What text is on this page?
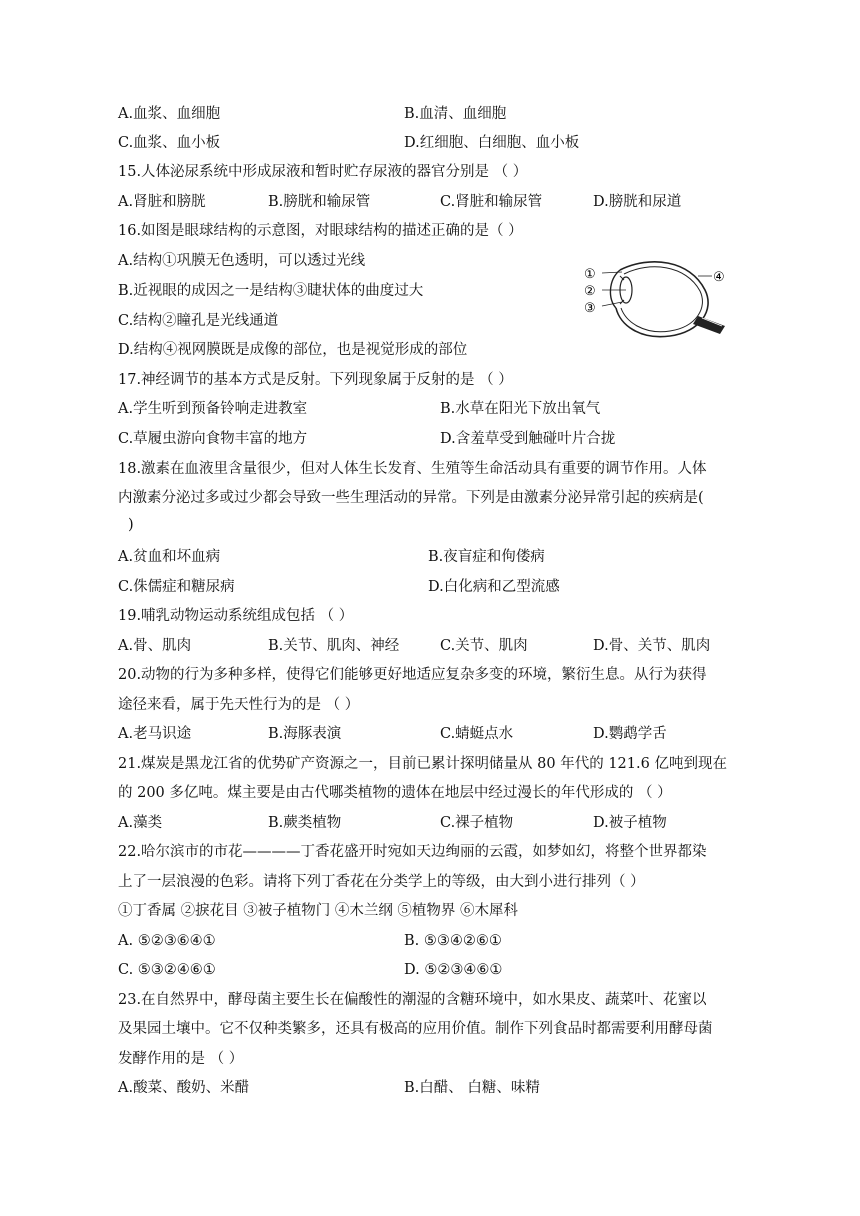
A.血浆、血细胞	B.血清、血细胞
C.血浆、血小板	D.红细胞、白细胞、血小板
15.人体泌尿系统中形成尿液和暂时贮存尿液的器官分别是 （ ）
A.肾脏和膀胱	B.膀胱和输尿管	C.肾脏和输尿管	D.膀胱和尿道
16.如图是眼球结构的示意图，对眼球结构的描述正确的是（ ）
A.结构①巩膜无色透明，可以透过光线
B.近视眼的成因之一是结构③睫状体的曲度过大
C.结构②瞳孔是光线通道
D.结构④视网膜既是成像的部位，也是视觉形成的部位
①
②
③
④
17.神经调节的基本方式是反射。下列现象属于反射的是 （ ）
A.学生听到预备铃响走进教室	B.水草在阳光下放出氧气
C.草履虫游向食物丰富的地方	D.含羞草受到触碰叶片合拢
18.激素在血液里含量很少，但对人体生长发育、生殖等生命活动具有重要的调节作用。人体
内激素分泌过多或过少都会导致一些生理活动的异常。下列是由激素分泌异常引起的疾病是(
)
A.贫血和坏血病	B.夜盲症和佝偻病
C.侏儒症和糖尿病	D.白化病和乙型流感
19.哺乳动物运动系统组成包括 （ ）
A.骨、肌肉	B.关节、肌肉、神经	C.关节、肌肉	D.骨、关节、肌肉
20.动物的行为多种多样，使得它们能够更好地适应复杂多变的环境，繁衍生息。从行为获得
途径来看，属于先天性行为的是 （ ）
A.老马识途	B.海豚表演	C.蜻蜓点水	D.鹦鹉学舌
21.煤炭是黑龙江省的优势矿产资源之一，目前已累计探明储量从 80 年代的 121.6 亿吨到现在
的 200 多亿吨。煤主要是由古代哪类植物的遗体在地层中经过漫长的年代形成的 （ ）
A.藻类	B.蕨类植物	C.裸子植物	D.被子植物
22.哈尔滨市的市花————丁香花盛开时宛如天边绚丽的云霞，如梦如幻，将整个世界都染
上了一层浪漫的色彩。请将下列丁香花在分类学上的等级，由大到小进行排列（ ）
①丁香属 ②捩花目 ③被子植物门 ④木兰纲 ⑤植物界 ⑥木犀科
A. ⑤②③⑥④①	B. ⑤③④②⑥①
C. ⑤③②④⑥①	D. ⑤②③④⑥①
23.在自然界中，酵母菌主要生长在偏酸性的潮湿的含糖环境中，如水果皮、蔬菜叶、花蜜以
及果园土壤中。它不仅种类繁多，还具有极高的应用价值。制作下列食品时都需要利用酵母菌
发酵作用的是 （ ）
A.酸菜、酸奶、米醋	B.白醋、 白糖、味精
